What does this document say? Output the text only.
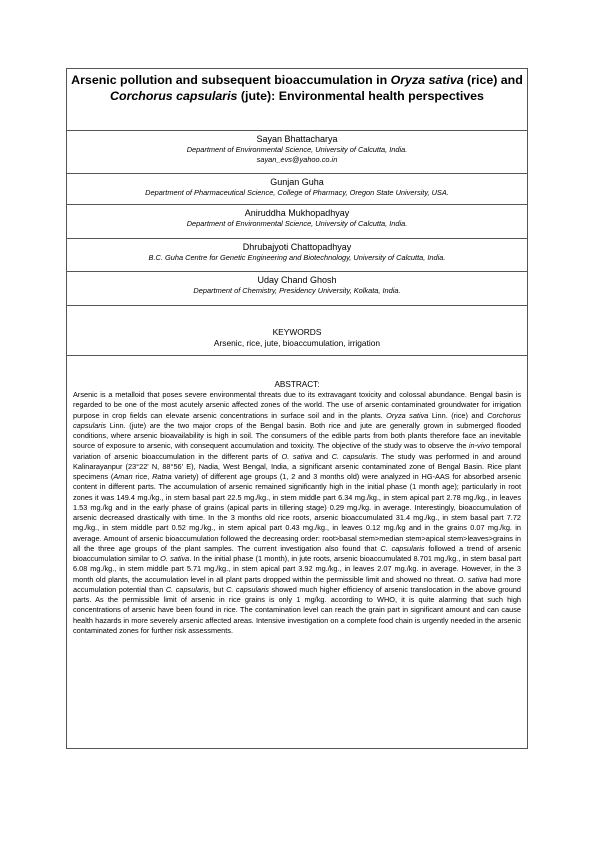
Arsenic pollution and subsequent bioaccumulation in Oryza sativa (rice) and Corchorus capsularis (jute): Environmental health perspectives
Sayan Bhattacharya
Department of Environmental Science, University of Calcutta, India.
sayan_evs@yahoo.co.in
Gunjan Guha
Department of Pharmaceutical Science, College of Pharmacy, Oregon State University, USA.
Aniruddha Mukhopadhyay
Department of Environmental Science, University of Calcutta, India.
Dhrubajyoti Chattopadhyay
B.C. Guha Centre for Genetic Engineering and Biotechnology, University of Calcutta, India.
Uday Chand Ghosh
Department of Chemistry, Presidency University, Kolkata, India.
KEYWORDS
Arsenic, rice, jute, bioaccumulation, irrigation
ABSTRACT:

Arsenic is a metalloid that poses severe environmental threats due to its extravagant toxicity and colossal abundance. Bengal basin is regarded to be one of the most acutely arsenic affected zones of the world. The use of arsenic contaminated groundwater for irrigation purpose in crop fields can elevate arsenic concentrations in surface soil and in the plants. Oryza sativa Linn. (rice) and Corchorus capsularis Linn. (jute) are the two major crops of the Bengal basin. Both rice and jute are generally grown in submerged flooded conditions, where arsenic bioavailability is high in soil. The consumers of the edible parts from both plants therefore face an inevitable source of exposure to arsenic, with consequent accumulation and toxicity. The objective of the study was to observe the in-vivo temporal variation of arsenic bioaccumulation in the different parts of O. sativa and C. capsularis. The study was performed in and around Kalinarayanpur (23°22' N, 88°56' E), Nadia, West Bengal, India, a significant arsenic contaminated zone of Bengal Basin. Rice plant specimens (Aman rice, Ratna variety) of different age groups (1, 2 and 3 months old) were analyzed in HG-AAS for absorbed arsenic content in different parts. The accumulation of arsenic remained significantly high in the initial phase (1 month age); particularly in root zones it was 149.4 mg./kg., in stem basal part 22.5 mg./kg., in stem middle part 6.34 mg./kg., in stem apical part 2.78 mg./kg., in leaves 1.53 mg./kg and in the early phase of grains (apical parts in tillering stage) 0.29 mg./kg. in average. Interestingly, bioaccumulation of arsenic decreased drastically with time. In the 3 months old rice roots, arsenic bioaccumulated 31.4 mg./kg., in stem basal part 7.72 mg./kg., in stem middle part 0.52 mg./kg., in stem apical part 0.43 mg./kg., in leaves 0.12 mg./kg and in the grains 0.07 mg./kg. in average. Amount of arsenic bioaccumulation followed the decreasing order: root>basal stem>median stem>apical stem>leaves>grains in all the three age groups of the plant samples. The current investigation also found that C. capsularis followed a trend of arsenic bioaccumulation similar to O. sativa. In the initial phase (1 month), in jute roots, arsenic bioaccumulated 8.701 mg./kg., in stem basal part 6.08 mg./kg., in stem middle part 5.71 mg./kg., in stem apical part 3.92 mg./kg., in leaves 2.07 mg./kg. in average. However, in the 3 month old plants, the accumulation level in all plant parts dropped within the permissible limit and showed no threat. O. sativa had more accumulation potential than C. capsularis, but C. capsularis showed much higher efficiency of arsenic translocation in the above ground parts. As the permissible limit of arsenic in rice grains is only 1 mg/kg. according to WHO, it is quite alarming that such high concentrations of arsenic have been found in rice. The contamination level can reach the grain part in significant amount and can cause health hazards in more severely arsenic affected areas. Intensive investigation on a complete food chain is urgently needed in the arsenic contaminated zones for further risk assessments.
